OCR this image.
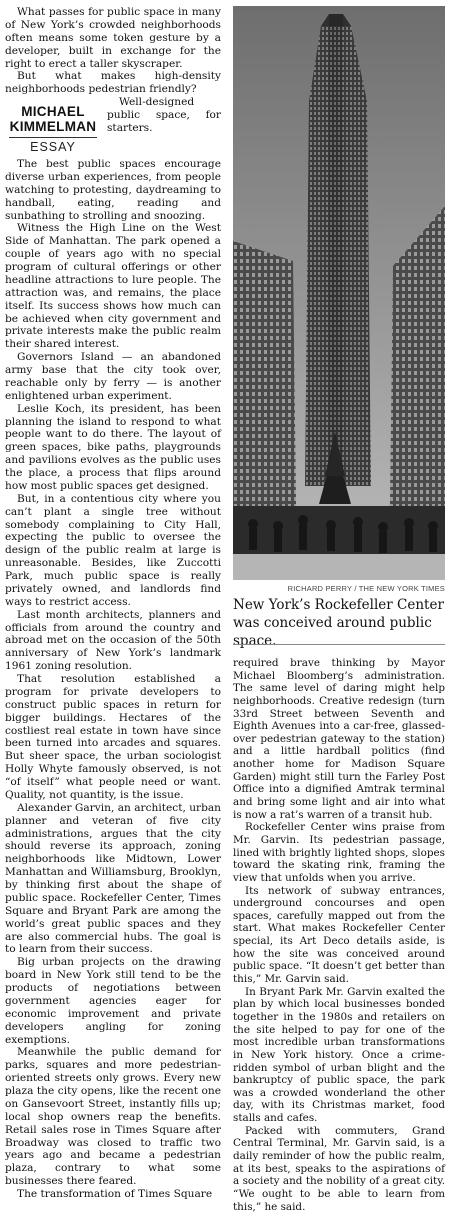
What passes for public space in many of New York’s crowded neighborhoods often means some token gesture by a developer, built in exchange for the right to erect a taller skyscraper.

But what makes high-density neighborhoods pedestrian friendly?

MICHAEL
KIMMELMAN
ESSAY

Well-designed public space, for starters.

The best public spaces encourage diverse urban experiences, from people watching to protesting, daydreaming to handball, eating, reading and sunbathing to strolling and snoozing.

Witness the High Line on the West Side of Manhattan. The park opened a couple of years ago with no special program of cultural offerings or other headline attractions to lure people. The attraction was, and remains, the place itself. Its success shows how much can be achieved when city government and private interests make the public realm their shared interest.

Governors Island — an abandoned army base that the city took over, reachable only by ferry — is another enlightened urban experiment.

Leslie Koch, its president, has been planning the island to respond to what people want to do there. The layout of green spaces, bike paths, playgrounds and pavilions evolves as the public uses the place, a process that flips around how most public spaces get designed.

But, in a contentious city where you can’t plant a single tree without somebody complaining to City Hall, expecting the public to oversee the design of the public realm at large is unreasonable. Besides, like Zuccotti Park, much public space is really privately owned, and landlords find ways to restrict access.

Last month architects, planners and officials from around the country and abroad met on the occasion of the 50th anniversary of New York’s landmark 1961 zoning resolution.

That resolution established a program for private developers to construct public spaces in return for bigger buildings. Hectares of the costliest real estate in town have since been turned into arcades and squares. But sheer space, the urban sociologist Holly Whyte famously observed, is not “of itself” what people need or want. Quality, not quantity, is the issue.

Alexander Garvin, an architect, urban planner and veteran of five city administrations, argues that the city should reverse its approach, zoning neighborhoods like Midtown, Lower Manhattan and Williamsburg, Brooklyn, by thinking first about the shape of public space. Rockefeller Center, Times Square and Bryant Park are among the world’s great public spaces and they are also commercial hubs. The goal is to learn from their success.

Big urban projects on the drawing board in New York still tend to be the products of negotiations between government agencies eager for economic improvement and private developers angling for zoning exemptions.

Meanwhile the public demand for parks, squares and more pedestrian-oriented streets only grows. Every new plaza the city opens, like the recent one on Gansevoort Street, instantly fills up; local shop owners reap the benefits. Retail sales rose in Times Square after Broadway was closed to traffic two years ago and became a pedestrian plaza, contrary to what some businesses there feared.

The transformation of Times Square

RICHARD PERRY / THE NEW YORK TIMES
New York’s Rockefeller Center was conceived around public space.

required brave thinking by Mayor Michael Bloomberg’s administration. The same level of daring might help neighborhoods. Creative redesign (turn 33rd Street between Seventh and Eighth Avenues into a car-free, glassed-over pedestrian gateway to the station) and a little hardball politics (find another home for Madison Square Garden) might still turn the Farley Post Office into a dignified Amtrak terminal and bring some light and air into what is now a rat’s warren of a transit hub.

Rockefeller Center wins praise from Mr. Garvin. Its pedestrian passage, lined with brightly lighted shops, slopes toward the skating rink, framing the view that unfolds when you arrive.

Its network of subway entrances, underground concourses and open spaces, carefully mapped out from the start. What makes Rockefeller Center special, its Art Deco details aside, is how the site was conceived around public space. “It doesn’t get better than this,” Mr. Garvin said.

In Bryant Park Mr. Garvin exalted the plan by which local businesses bonded together in the 1980s and retailers on the site helped to pay for one of the most incredible urban transformations in New York history. Once a crime-ridden symbol of urban blight and the bankruptcy of public space, the park was a crowded wonderland the other day, with its Christmas market, food stalls and cafes.

Packed with commuters, Grand Central Terminal, Mr. Garvin said, is a daily reminder of how the public realm, at its best, speaks to the aspirations of a society and the nobility of a great city. “We ought to be able to learn from this,” he said.
